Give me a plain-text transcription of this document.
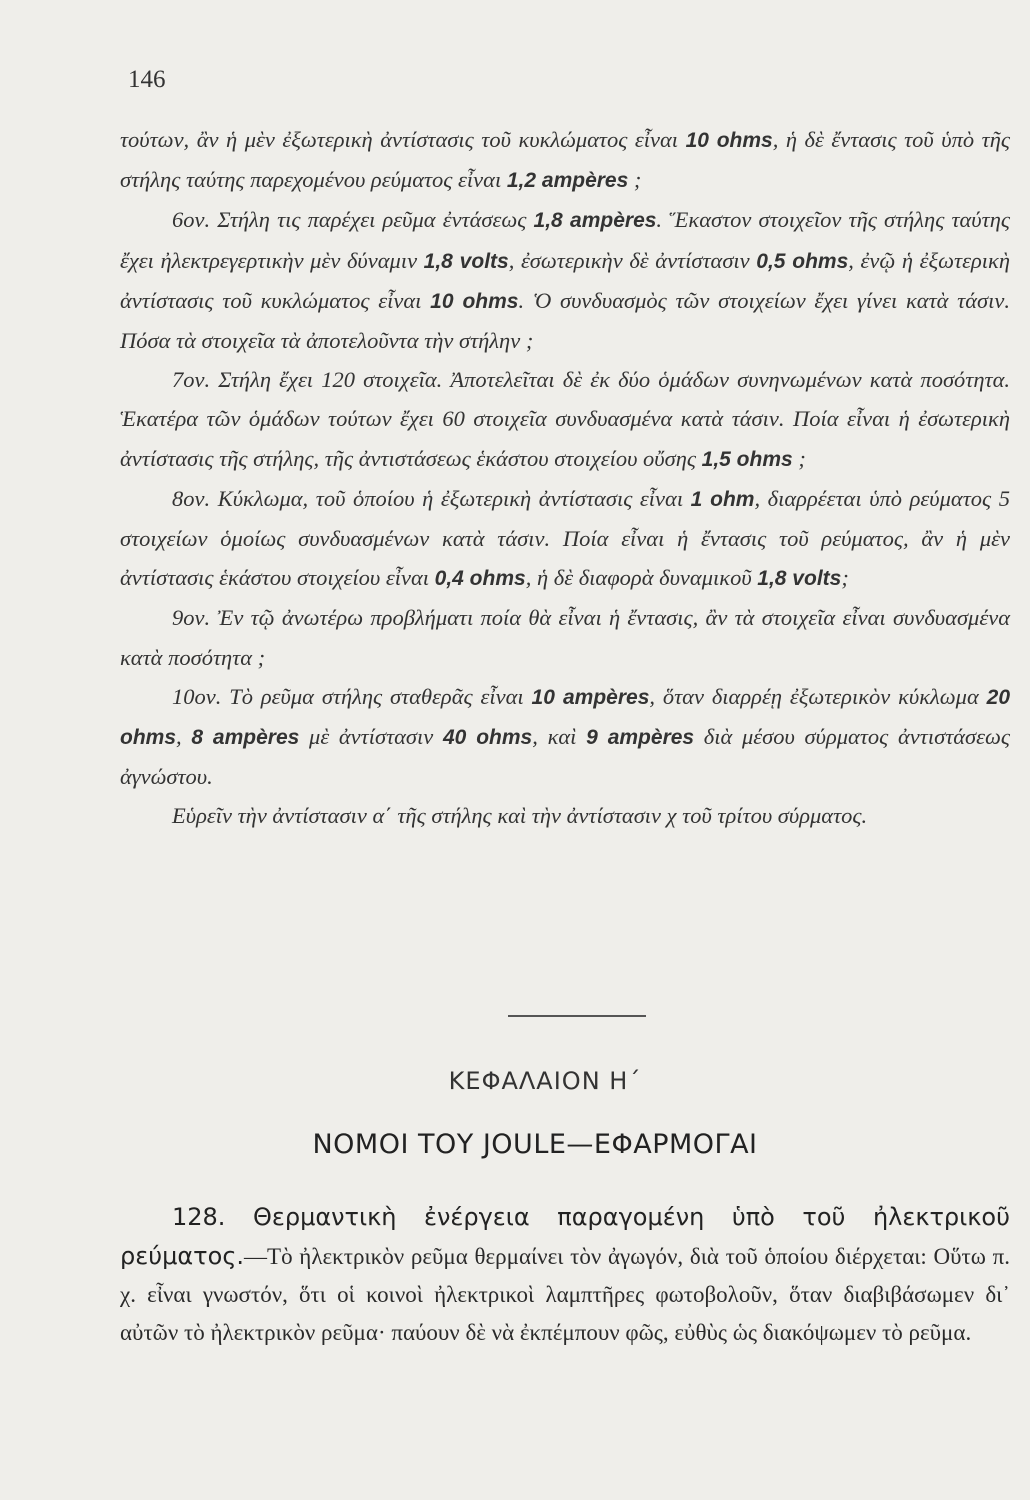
146

τούτων, ἂν ἡ μὲν ἐξωτερικὴ ἀντίστασις τοῦ κυκλώματος εἶναι 10 ohms, ἡ δὲ ἔντασις τοῦ ὑπὸ τῆς στήλης ταύτης παρεχομένου ρεύματος εἶναι 1,2 ampères ;

6ον. Στήλη τις παρέχει ρεῦμα ἐντάσεως 1,8 ampères. Ἕκαστον στοιχεῖον τῆς στήλης ταύτης ἔχει ἠλεκτρεγερτικὴν μὲν δύναμιν 1,8 volts, ἐσωτερικὴν δὲ ἀντίστασιν 0,5 ohms, ἐνῷ ἡ ἐξωτερικὴ ἀντίστασις τοῦ κυκλώματος εἶναι 10 ohms. Ὁ συνδυασμὸς τῶν στοιχείων ἔχει γίνει κατὰ τάσιν. Πόσα τὰ στοιχεῖα τὰ ἀποτελοῦντα τὴν στήλην ;

7ον. Στήλη ἔχει 120 στοιχεῖα. Ἀποτελεῖται δὲ ἐκ δύο ὁμάδων συνηνωμένων κατὰ ποσότητα. Ἑκατέρα τῶν ὁμάδων τούτων ἔχει 60 στοιχεῖα συνδυασμένα κατὰ τάσιν. Ποία εἶναι ἡ ἐσωτερικὴ ἀντίστασις τῆς στήλης, τῆς ἀντιστάσεως ἑκάστου στοιχείου οὔσης 1,5 ohms ;

8ον. Κύκλωμα, τοῦ ὁποίου ἡ ἐξωτερικὴ ἀντίστασις εἶναι 1 ohm, διαρρέεται ὑπὸ ρεύματος 5 στοιχείων ὁμοίως συνδυασμένων κατὰ τάσιν. Ποία εἶναι ἡ ἔντασις τοῦ ρεύματος, ἂν ἡ μὲν ἀντίστασις ἑκάστου στοιχείου εἶναι 0,4 ohms, ἡ δὲ διαφορὰ δυναμικοῦ 1,8 volts;

9ον. Ἐν τῷ ἀνωτέρω προβλήματι ποία θὰ εἶναι ἡ ἔντασις, ἂν τὰ στοιχεῖα εἶναι συνδυασμένα κατὰ ποσότητα ;

10ον. Τὸ ρεῦμα στήλης σταθερᾶς εἶναι 10 ampères, ὅταν διαρρέῃ ἐξωτερικὸν κύκλωμα 20 ohms, 8 ampères μὲ ἀντίστασιν 40 ohms, καὶ 9 ampères διὰ μέσου σύρματος ἀντιστάσεως ἀγνώστου.

Εὑρεῖν τὴν ἀντίστασιν α΄ τῆς στήλης καὶ τὴν ἀντίστασιν χ τοῦ τρίτου σύρματος.

ΚΕΦΑΛΑΙΟΝ Η΄
ΝΟΜΟΙ ΤΟΥ JOULE—ΕΦΑΡΜΟΓΑΙ

128. Θερμαντικὴ ἐνέργεια παραγομένη ὑπὸ τοῦ ἠλεκτρικοῦ ρεύματος.—Τὸ ἠλεκτρικὸν ρεῦμα θερμαίνει τὸν ἀγωγόν, διὰ τοῦ ὁποίου διέρχεται: Οὕτω π. χ. εἶναι γνωστόν, ὅτι οἱ κοινοὶ ἠλεκτρικοὶ λαμπτῆρες φωτοβολοῦν, ὅταν διαβιβάσωμεν δι᾽ αὐτῶν τὸ ἠλεκτρικὸν ρεῦμα· παύουν δὲ νὰ ἐκπέμπουν φῶς, εὐθὺς ὡς διακόψωμεν τὸ ρεῦμα.
